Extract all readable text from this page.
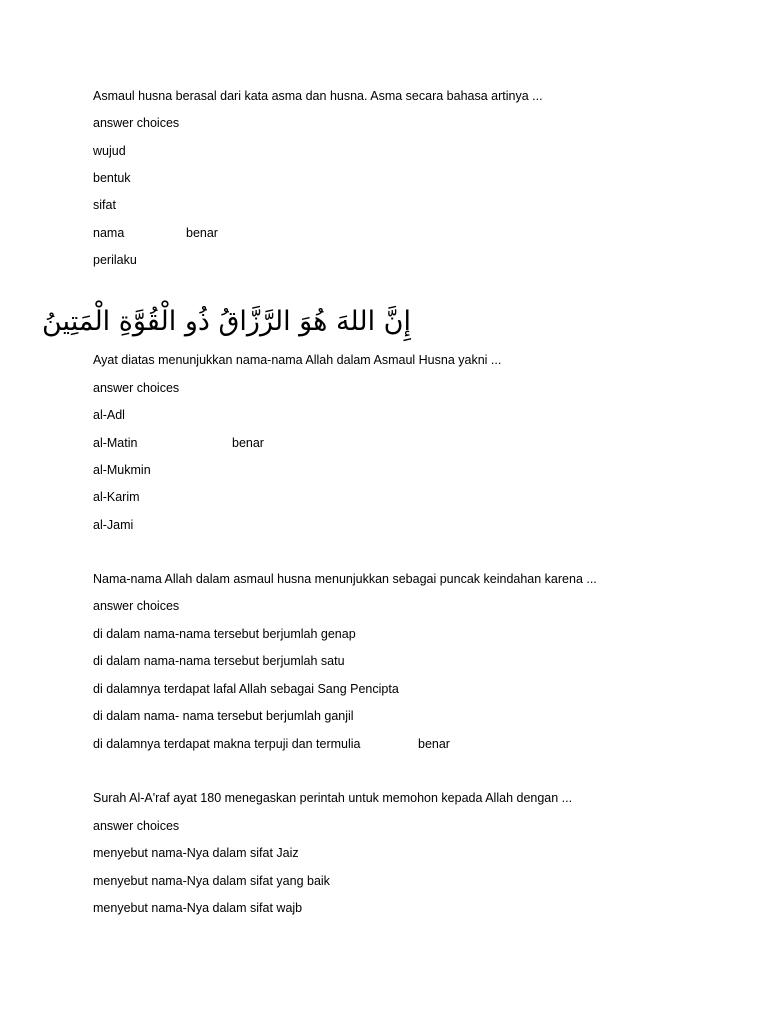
Asmaul husna berasal dari kata asma dan husna. Asma secara bahasa artinya ...
answer choices
wujud
bentuk
sifat
nama	benar
perilaku
إِنَّ اللهَ هُوَ الرَّزَّاقُ ذُو الْقُوَّةِ الْمَتِينُ
Ayat diatas menunjukkan nama-nama Allah dalam Asmaul Husna yakni ...
answer choices
al-Adl
al-Matin	benar
al-Mukmin
al-Karim
al-Jami
Nama-nama Allah dalam asmaul husna menunjukkan sebagai puncak keindahan karena ...
answer choices
di dalam nama-nama tersebut berjumlah genap
di dalam nama-nama tersebut berjumlah satu
di dalamnya terdapat lafal Allah sebagai Sang Pencipta
di dalam nama- nama tersebut berjumlah ganjil
di dalamnya terdapat makna terpuji dan termulia	benar
Surah Al-A'raf ayat 180 menegaskan perintah untuk memohon kepada Allah dengan ...
answer choices
menyebut nama-Nya dalam sifat Jaiz
menyebut nama-Nya dalam sifat yang baik
menyebut nama-Nya dalam sifat wajb
